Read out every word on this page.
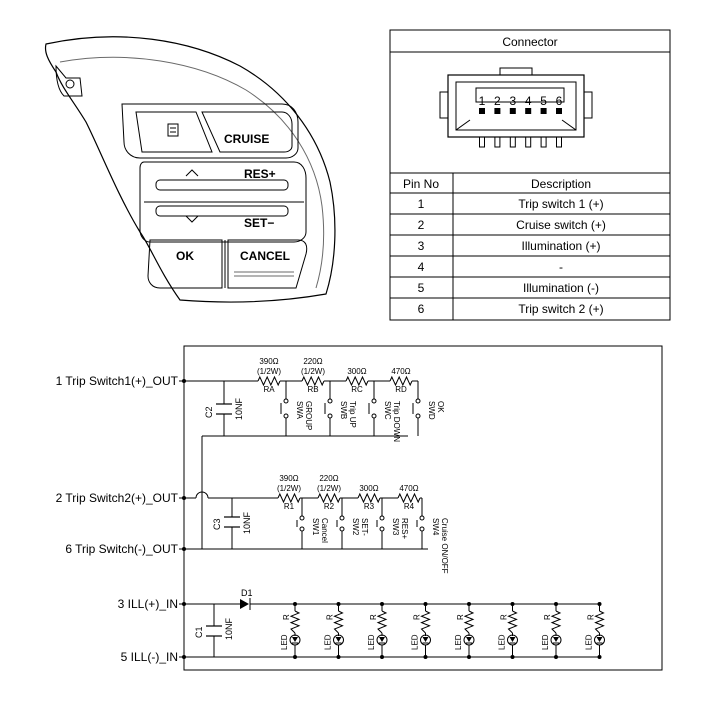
CRUISE
RES+
SET−
OK	CANCEL
Connector
1 2 3 4 5 6
Pin No	Description
1	Trip switch 1 (+)
2	Cruise switch (+)
3	Illumination (+)
4	-
5	Illumination (-)
6	Trip switch 2 (+)
1 Trip Switch1(+)_OUT
2 Trip Switch2(+)_OUT
6 Trip Switch(-)_OUT
3 ILL(+)_IN
5 ILL(-)_IN
C2 10NF
C3 10NF
C1 10NF
D1
390Ω
(1/2W)
RA
SWA GROUP
220Ω
(1/2W)
RB
SWB Trip UP
300Ω
RC
SWC Trip DOWN
470Ω
RD
SWD OK
390Ω
(1/2W)
R1
SW1 Cancel
220Ω
(1/2W)
R2
SW2 SET-
300Ω
R3
SW3 RES+
470Ω
R4
SW4 Cruise ON/OFF
R
LED
R
LED
R
LED
R
LED
R
LED
R
LED
R
LED
R
LED
